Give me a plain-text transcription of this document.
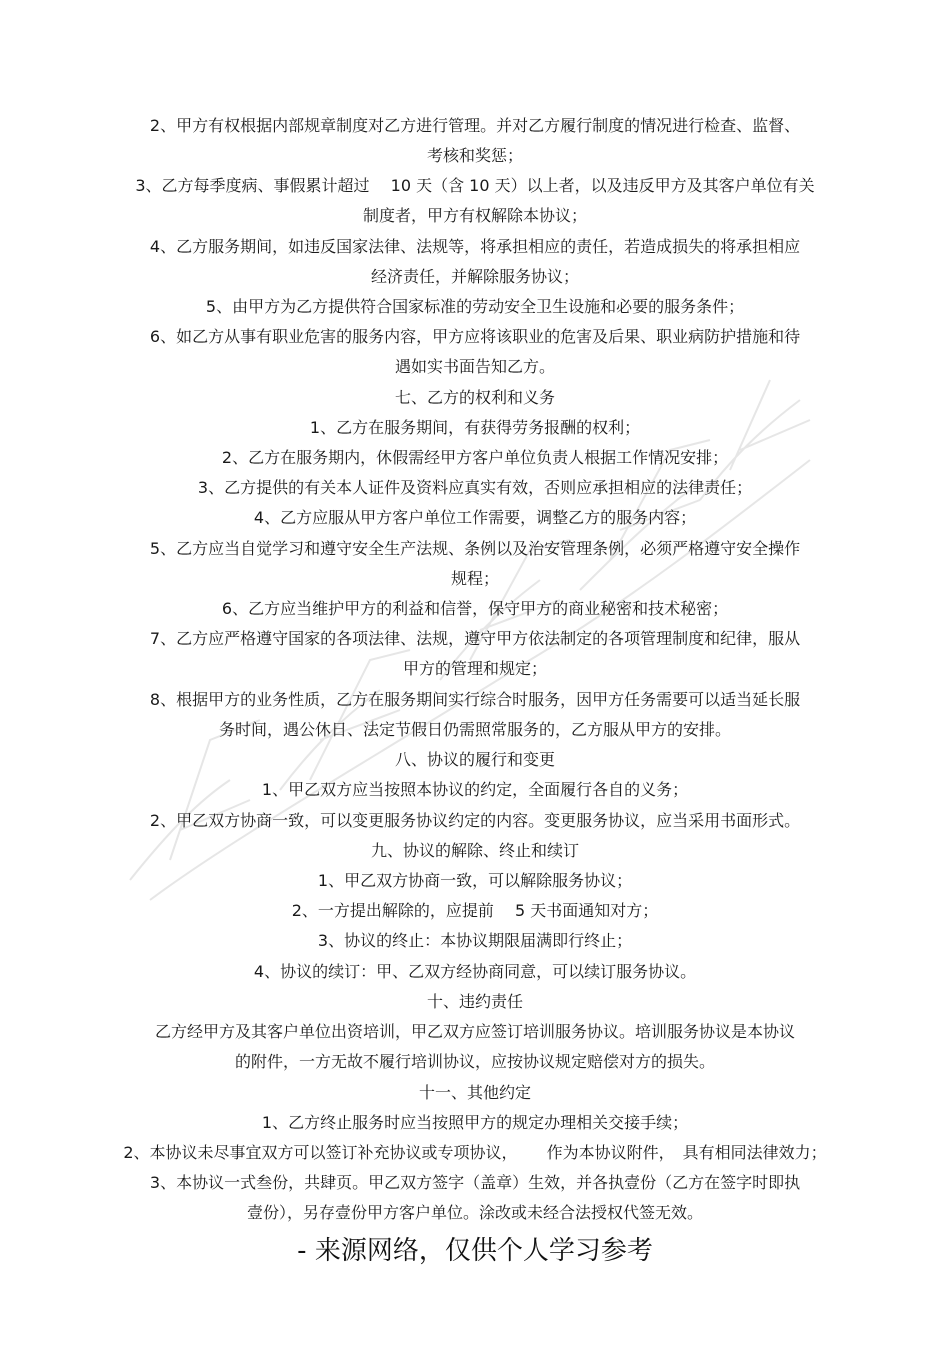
2、甲方有权根据内部规章制度对乙方进行管理。并对乙方履行制度的情况进行检查、监督、
考核和奖惩；
3、乙方每季度病、事假累计超过　 10 天（含 10 天）以上者，以及违反甲方及其客户单位有关
制度者，甲方有权解除本协议；
4、乙方服务期间，如违反国家法律、法规等，将承担相应的责任，若造成损失的将承担相应
经济责任，并解除服务协议；
5、由甲方为乙方提供符合国家标准的劳动安全卫生设施和必要的服务条件；
6、如乙方从事有职业危害的服务内容，甲方应将该职业的危害及后果、职业病防护措施和待
遇如实书面告知乙方。
七、乙方的权利和义务
1、乙方在服务期间，有获得劳务报酬的权利；
2、乙方在服务期内，休假需经甲方客户单位负责人根据工作情况安排；
3、乙方提供的有关本人证件及资料应真实有效，否则应承担相应的法律责任；
4、乙方应服从甲方客户单位工作需要，调整乙方的服务内容；
5、乙方应当自觉学习和遵守安全生产法规、条例以及治安管理条例，必须严格遵守安全操作
规程；
6、乙方应当维护甲方的利益和信誉，保守甲方的商业秘密和技术秘密；
7、乙方应严格遵守国家的各项法律、法规，遵守甲方依法制定的各项管理制度和纪律，服从
甲方的管理和规定；
8、根据甲方的业务性质，乙方在服务期间实行综合时服务，因甲方任务需要可以适当延长服
务时间，遇公休日、法定节假日仍需照常服务的，乙方服从甲方的安排。
八、协议的履行和变更
1、甲乙双方应当按照本协议的约定，全面履行各自的义务；
2、甲乙双方协商一致，可以变更服务协议约定的内容。变更服务协议，应当采用书面形式。
九、协议的解除、终止和续订
1、甲乙双方协商一致，可以解除服务协议；
2、一方提出解除的，应提前　 5 天书面通知对方；
3、协议的终止：本协议期限届满即行终止；
4、协议的续订：甲、乙双方经协商同意，可以续订服务协议。
十、违约责任
乙方经甲方及其客户单位出资培训，甲乙双方应签订培训服务协议。培训服务协议是本协议
的附件，一方无故不履行培训协议，应按协议规定赔偿对方的损失。
十一、其他约定
1、乙方终止服务时应当按照甲方的规定办理相关交接手续；
2、本协议未尽事宜双方可以签订补充协议或专项协议，　　 作为本协议附件，　具有相同法律效力；
3、本协议一式叁份，共肆页。甲乙双方签字（盖章）生效，并各执壹份（乙方在签字时即执
壹份），另存壹份甲方客户单位。涂改或未经合法授权代签无效。
- 来源网络，仅供个人学习参考
